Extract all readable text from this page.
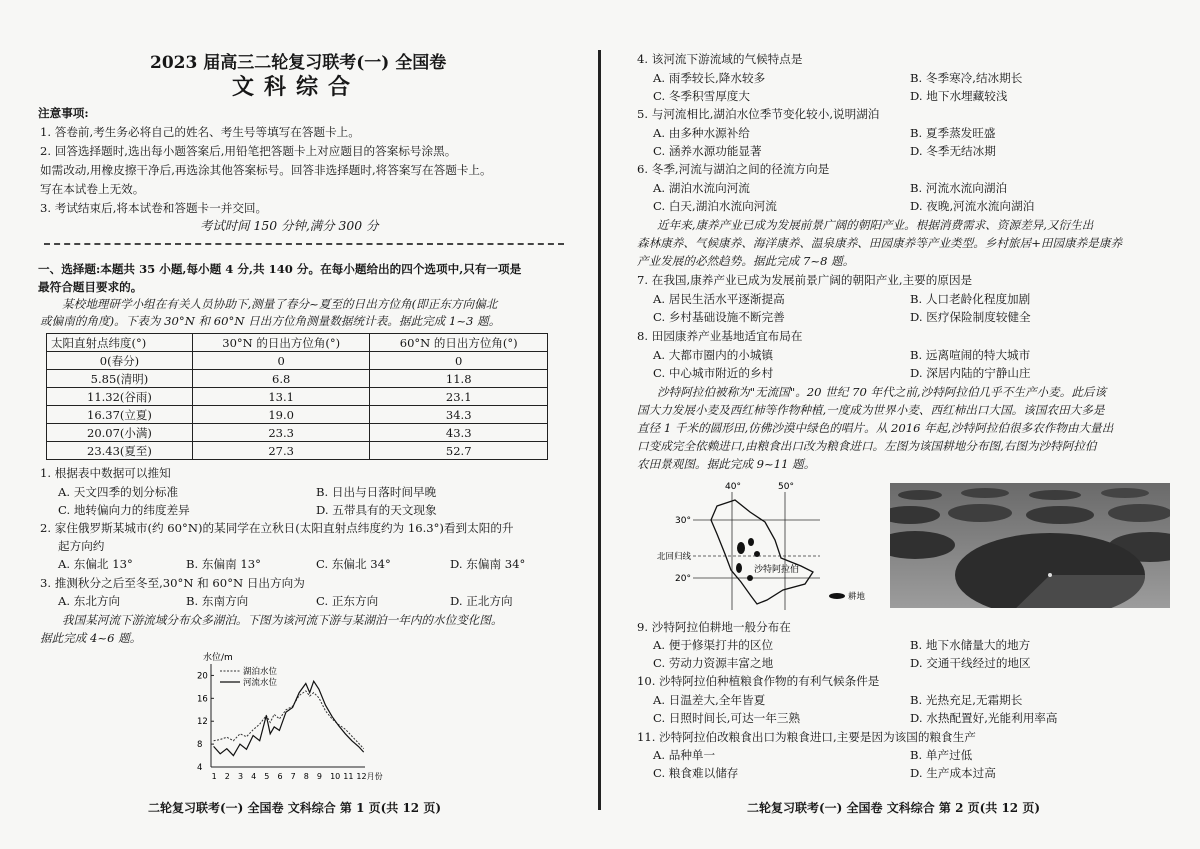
2023 届高三二轮复习联考(一) 全国卷
文科综合
注意事项:
1. 答卷前,考生务必将自己的姓名、考生号等填写在答题卡上。
2. 回答选择题时,选出每小题答案后,用铅笔把答题卡上对应题目的答案标号涂黑。
如需改动,用橡皮擦干净后,再选涂其他答案标号。回答非选择题时,将答案写在答题卡上。
写在本试卷上无效。
3. 考试结束后,将本试卷和答题卡一并交回。
考试时间 150 分钟,满分 300 分
一、选择题:本题共 35 小题,每小题 4 分,共 140 分。在每小题给出的四个选项中,只有一项是
最符合题目要求的。
某校地理研学小组在有关人员协助下,测量了春分~夏至的日出方位角(即正东方向偏北
或偏南的角度)。下表为 30°N 和 60°N 日出方位角测量数据统计表。据此完成 1~3 题。
太阳直射点纬度(°)	30°N 的日出方位角(°)	60°N 的日出方位角(°)
0(春分)	0	0
5.85(清明)	6.8	11.8
11.32(谷雨)	13.1	23.1
16.37(立夏)	19.0	34.3
20.07(小满)	23.3	43.3
23.43(夏至)	27.3	52.7
1. 根据表中数据可以推知
A. 天文四季的划分标准	B. 日出与日落时间早晚
C. 地转偏向力的纬度差异	D. 五带具有的天文现象
2. 家住俄罗斯某城市(约 60°N)的某同学在立秋日(太阳直射点纬度约为 16.3°)看到太阳的升
起方向约
A. 东偏北 13°	B. 东偏南 13°	C. 东偏北 34°	D. 东偏南 34°
3. 推测秋分之后至冬至,30°N 和 60°N 日出方向为
A. 东北方向	B. 东南方向	C. 正东方向	D. 正北方向
我国某河流下游流域分布众多湖泊。下图为该河流下游与某湖泊一年内的水位变化图。
据此完成 4~6 题。
水位/m
4
8
12
16
20
1 2 3 4 5 6 7 8 9 10 11 12月份
湖泊水位
河流水位
二轮复习联考(一) 全国卷 文科综合 第 1 页(共 12 页)
4. 该河流下游流域的气候特点是
A. 雨季较长,降水较多	B. 冬季寒冷,结冰期长
C. 冬季积雪厚度大	D. 地下水埋藏较浅
5. 与河流相比,湖泊水位季节变化较小,说明湖泊
A. 由多种水源补给	B. 夏季蒸发旺盛
C. 涵养水源功能显著	D. 冬季无结冰期
6. 冬季,河流与湖泊之间的径流方向是
A. 湖泊水流向河流	B. 河流水流向湖泊
C. 白天,湖泊水流向河流	D. 夜晚,河流水流向湖泊
近年来,康养产业已成为发展前景广阔的朝阳产业。根据消费需求、资源差异,又衍生出
森林康养、气候康养、海洋康养、温泉康养、田园康养等产业类型。乡村旅居+田园康养是康养
产业发展的必然趋势。据此完成 7~8 题。
7. 在我国,康养产业已成为发展前景广阔的朝阳产业,主要的原因是
A. 居民生活水平逐渐提高	B. 人口老龄化程度加剧
C. 乡村基础设施不断完善	D. 医疗保险制度较健全
8. 田园康养产业基地适宜布局在
A. 大都市圈内的小城镇	B. 远离喧闹的特大城市
C. 中心城市附近的乡村	D. 深居内陆的宁静山庄
沙特阿拉伯被称为"无流国"。20 世纪 70 年代之前,沙特阿拉伯几乎不生产小麦。此后该
国大力发展小麦及西红柿等作物种植,一度成为世界小麦、西红柿出口大国。该国农田大多是
直径 1 千米的圆形田,仿佛沙漠中绿色的唱片。从 2016 年起,沙特阿拉伯很多农作物由大量出
口变成完全依赖进口,由粮食出口改为粮食进口。左图为该国耕地分布图,右图为沙特阿拉伯
农田景观图。据此完成 9~11 题。
40°	50°
30°
20°
北回归线
沙特阿拉伯
耕地
9. 沙特阿拉伯耕地一般分布在
A. 便于修渠打井的区位	B. 地下水储量大的地方
C. 劳动力资源丰富之地	D. 交通干线经过的地区
10. 沙特阿拉伯种植粮食作物的有利气候条件是
A. 日温差大,全年皆夏	B. 光热充足,无霜期长
C. 日照时间长,可达一年三熟	D. 水热配置好,光能利用率高
11. 沙特阿拉伯改粮食出口为粮食进口,主要是因为该国的粮食生产
A. 品种单一	B. 单产过低
C. 粮食难以储存	D. 生产成本过高
二轮复习联考(一) 全国卷 文科综合 第 2 页(共 12 页)
